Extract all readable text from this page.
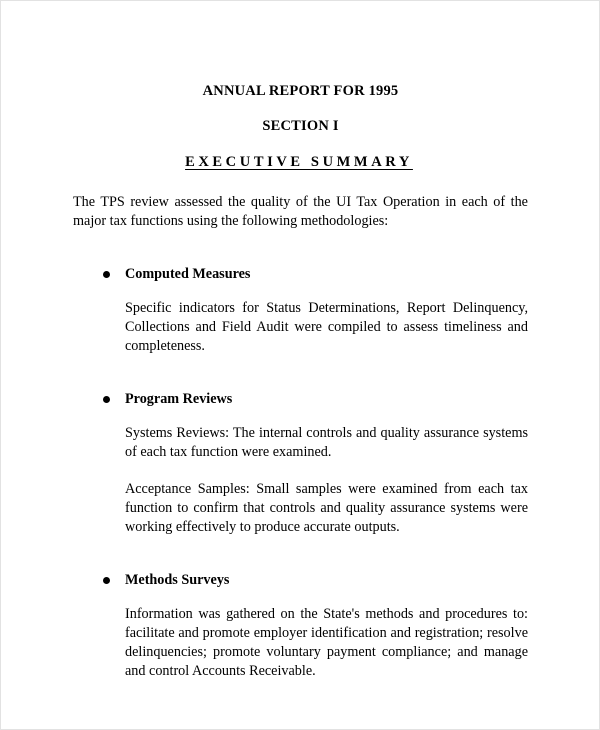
ANNUAL REPORT FOR 1995
SECTION I
EXECUTIVE SUMMARY

The TPS review assessed the quality of the UI Tax Operation in each of the major tax functions using the following methodologies:

Computed Measures

Specific indicators for Status Determinations, Report Delinquency, Collections and Field Audit were compiled to assess timeliness and completeness.

Program Reviews

Systems Reviews: The internal controls and quality assurance systems of each tax function were examined.

Acceptance Samples: Small samples were examined from each tax function to confirm that controls and quality assurance systems were working effectively to produce accurate outputs.

Methods Surveys

Information was gathered on the State's methods and procedures to: facilitate and promote employer identification and registration; resolve delinquencies; promote voluntary payment compliance; and manage and control Accounts Receivable.
